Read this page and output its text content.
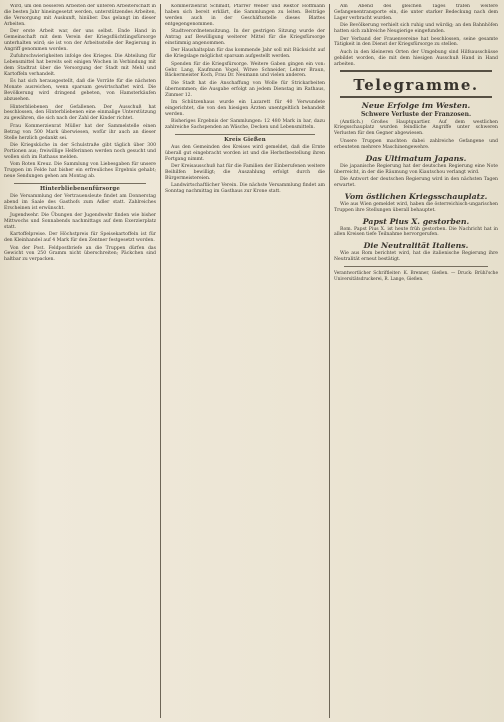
Wird, um den besseren Arbeiten der unteren Arbeiterschaft in die besten Jahr hineingesetzt werden, unterstützendes Arbeiten, die Versorgung mit Auskunft, hinüber. Das gelangt im dieser Arbeiten.

Der erste Arbeit war, der uns selbst. Ende Hand in Gemeinschaft mit dem Verein der Kriegsflüchtlingsfürsorge unterhalten wird; sie ist von der Arbeitsstelle der Regierung in Angriff genommen worden.

Zufuhrschwierigkeiten infolge des Krieges. Die Abteilung für Lebensmittel hat bereits seit einigen Wochen in Verbindung mit dem Stadtrat über die Versorgung der Stadt mit Mehl und Kartoffeln verhandelt.

Es hat sich herausgestellt, daß die Vorräte für die nächsten Monate ausreichen, wenn sparsam gewirtschaftet wird. Die Bevölkerung wird dringend gebeten, von Hamsterkäufen abzusehen.

Hinterbliebenen der Gefallenen. Der Ausschuß hat beschlossen, den Hinterbliebenen eine einmalige Unterstützung zu gewähren, die sich nach der Zahl der Kinder richtet.

Frau Kommerzienrat Müller hat der Sammelstelle einen Betrag von 500 Mark überwiesen, wofür ihr auch an dieser Stelle herzlich gedankt sei.

Die Kriegsküche in der Schulstraße gibt täglich über 300 Portionen aus; freiwillige Helferinnen werden noch gesucht und wollen sich im Rathaus melden.

Vom Roten Kreuz. Die Sammlung von Liebesgaben für unsere Truppen im Felde hat bisher ein erfreuliches Ergebnis gehabt; neue Sendungen gehen am Montag ab.

Hinterbliebenenfürsorge

Die Versammlung der Vertrauensleute findet am Donnerstag abend im Saale des Gasthofs zum Adler statt. Zahlreiches Erscheinen ist erwünscht.

Jugendwehr. Die Übungen der Jugendwehr finden wie bisher Mittwochs und Sonnabends nachmittags auf dem Exerzierplatz statt.

Kartoffelpreise. Der Höchstpreis für Speisekartoffeln ist für den Kleinhandel auf 4 Mark für den Zentner festgesetzt worden.

Von der Post. Feldpostbriefe an die Truppen dürfen das Gewicht von 250 Gramm nicht überschreiten; Päckchen sind haltbar zu verpacken.

Kommerzienrat Schmidt, Pfarrer Weber und Rektor Hoffmann haben sich bereit erklärt, die Sammlungen zu leiten. Beiträge werden auch in der Geschäftsstelle dieses Blattes entgegengenommen.

Stadtverordnetensitzung. In der gestrigen Sitzung wurde der Antrag auf Bewilligung weiterer Mittel für die Kriegsfürsorge einstimmig angenommen.

Der Haushaltsplan für das kommende Jahr soll mit Rücksicht auf die Kriegslage möglichst sparsam aufgestellt werden.

Spenden für die Kriegsfürsorge. Weitere Gaben gingen ein von: Gebr. Lang, Kaufmann Vogel, Witwe Schneider, Lehrer Braun, Bäckermeister Koch, Frau Dr. Neumann und vielen anderen.

Die Stadt hat die Anschaffung von Wolle für Strickarbeiten übernommen; die Ausgabe erfolgt an jedem Dienstag im Rathaus, Zimmer 12.

Im Schützenhaus wurde ein Lazarett für 40 Verwundete eingerichtet, die von den hiesigen Ärzten unentgeltlich behandelt werden.

Bisheriges Ergebnis der Sammlungen: 12 480 Mark in bar, dazu zahlreiche Sachspenden an Wäsche, Decken und Lebensmitteln.

Kreis Gießen

Aus den Gemeinden des Kreises wird gemeldet, daß die Ernte überall gut eingebracht worden ist und die Herbstbestellung ihren Fortgang nimmt.

Der Kreisausschuß hat für die Familien der Einberufenen weitere Beihilfen bewilligt; die Auszahlung erfolgt durch die Bürgermeistereien.

Landwirtschaftlicher Verein. Die nächste Versammlung findet am Sonntag nachmittag im Gasthaus zur Krone statt.

Am Abend des gleichen Tages trafen weitere Gefangenentransporte ein, die unter starker Bedeckung nach dem Lager verbracht wurden.

Die Bevölkerung verhielt sich ruhig und würdig; an den Bahnhöfen hatten sich zahlreiche Neugierige eingefunden.

Der Verband der Frauenvereine hat beschlossen, seine gesamte Tätigkeit in den Dienst der Kriegsfürsorge zu stellen.

Auch in den kleineren Orten der Umgebung sind Hilfsausschüsse gebildet worden, die mit dem hiesigen Ausschuß Hand in Hand arbeiten.

Telegramme.
Neue Erfolge im Westen.
Schwere Verluste der Franzosen.

(Amtlich.) Großes Hauptquartier. Auf dem westlichen Kriegsschauplatz wurden feindliche Angriffe unter schweren Verlusten für den Gegner abgewiesen.

Unsere Truppen machten dabei zahlreiche Gefangene und erbeuteten mehrere Maschinengewehre.

Das Ultimatum Japans.

Die japanische Regierung hat der deutschen Regierung eine Note überreicht, in der die Räumung von Kiautschou verlangt wird.

Die Antwort der deutschen Regierung wird in den nächsten Tagen erwartet.

Vom östlichen Kriegsschauplatz.

Wie aus Wien gemeldet wird, haben die österreichisch-ungarischen Truppen ihre Stellungen überall behauptet.

Papst Pius X. gestorben.

Rom. Papst Pius X. ist heute früh gestorben. Die Nachricht hat in allen Kreisen tiefe Teilnahme hervorgerufen.

Die Neutralität Italiens.

Wie aus Rom berichtet wird, hat die italienische Regierung ihre Neutralität erneut bestätigt.

Verantwortlicher Schriftleiter: K. Brenner, Gießen. — Druck: Brühl'sche Universitätsdruckerei, R. Lange, Gießen.
